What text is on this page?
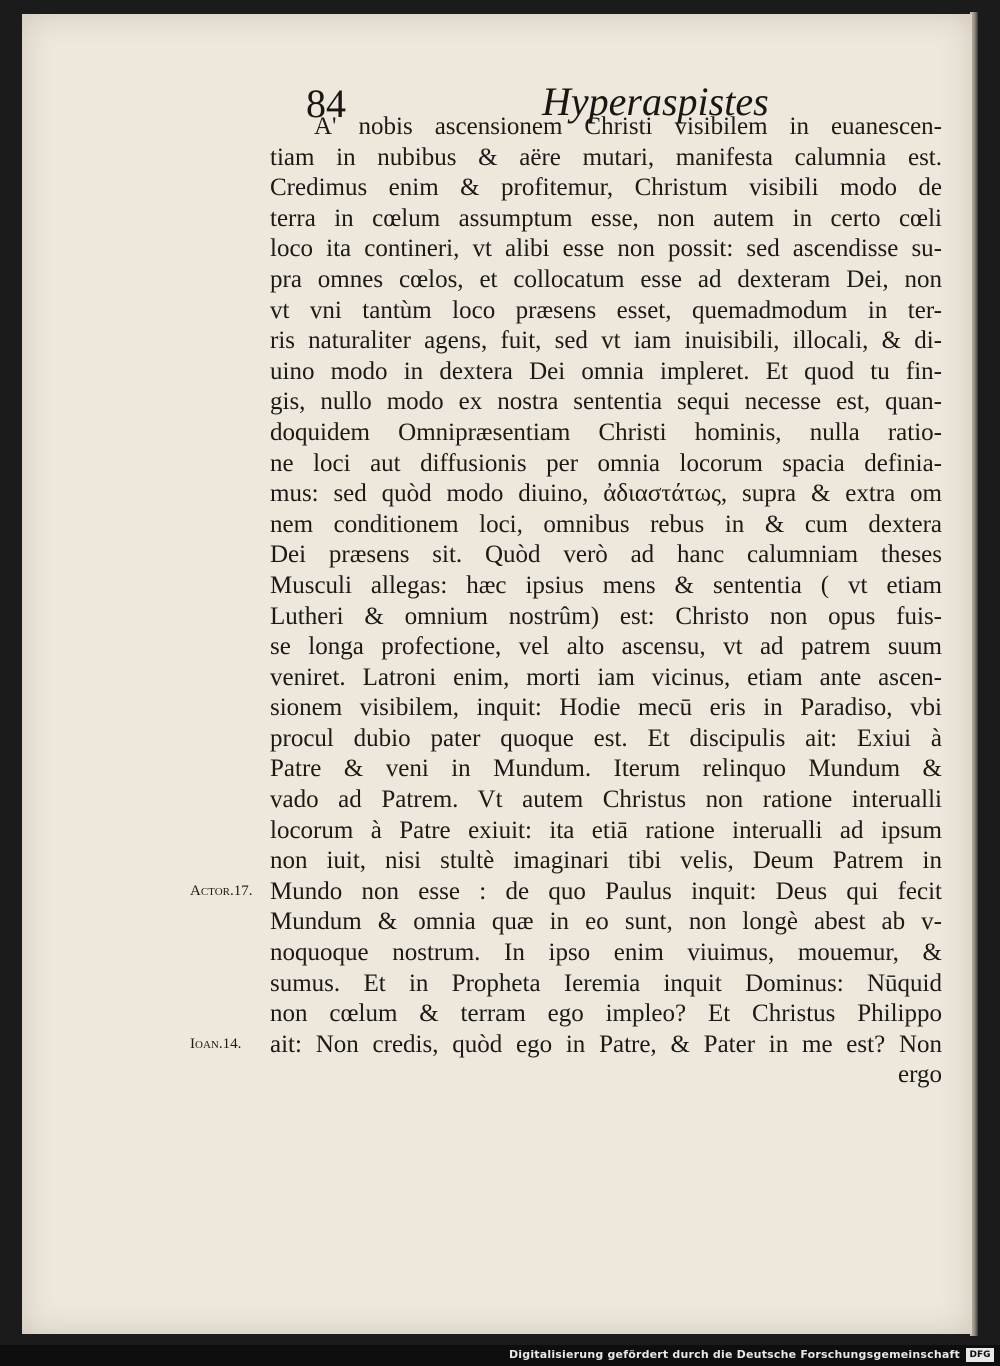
84	Hyperaspistes
A' nobis ascensionem Christi visibilem in euanescen-
tiam in nubibus & aëre mutari, manifesta calumnia est.
Credimus enim & profitemur, Christum visibili modo de
terra in cœlum assumptum esse, non autem in certo cœli
loco ita contineri, vt alibi esse non possit: sed ascendisse su-
pra omnes cœlos, et collocatum esse ad dexteram Dei, non
vt vni tantùm loco præsens esset, quemadmodum in ter-
ris naturaliter agens, fuit, sed vt iam inuisibili, illocali, & di-
uino modo in dextera Dei omnia impleret. Et quod tu fin-
gis, nullo modo ex nostra sententia sequi necesse est, quan-
doquidem Omnipræsentiam Christi hominis, nulla ratio-
ne loci aut diffusionis per omnia locorum spacia definia-
mus: sed quòd modo diuino, ἀδιαστάτως, supra & extra om
nem conditionem loci, omnibus rebus in & cum dextera
Dei præsens sit. Quòd verò ad hanc calumniam theses
Musculi allegas: hæc ipsius mens & sententia ( vt etiam
Lutheri & omnium nostrûm) est: Christo non opus fuis-
se longa profectione, vel alto ascensu, vt ad patrem suum
veniret. Latroni enim, morti iam vicinus, etiam ante ascen-
sionem visibilem, inquit: Hodie mecū eris in Paradiso, vbi
procul dubio pater quoque est. Et discipulis ait: Exiui à
Patre & veni in Mundum. Iterum relinquo Mundum &
vado ad Patrem. Vt autem Christus non ratione interualli
locorum à Patre exiuit: ita etiā ratione interualli ad ipsum
non iuit, nisi stultè imaginari tibi velis, Deum Patrem in
Mundo non esse : de quo Paulus inquit: Deus qui fecit
Mundum & omnia quæ in eo sunt, non longè abest ab v-
noquoque nostrum. In ipso enim viuimus, mouemur, &
sumus. Et in Propheta Ieremia inquit Dominus: Nūquid
non cœlum & terram ego impleo? Et Christus Philippo
ait: Non credis, quòd ego in Patre, & Pater in me est? Non
ergo
Actor.17.
Ioan.14.
Digitalisierung gefördert durch die Deutsche Forschungsgemeinschaft	DFG
